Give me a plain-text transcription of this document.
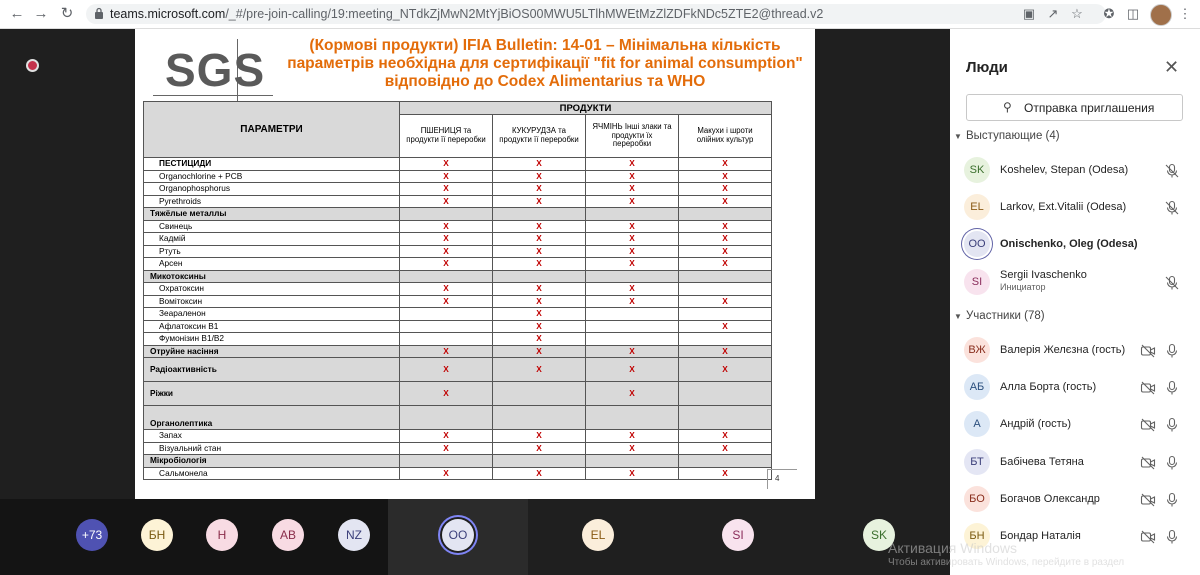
← → ↻	teams.microsoft.com/_#/pre-join-calling/19:meeting_NTdkZjMwN2MtYjBiOS00MWU5LTlhMWEtMzZlZDFkNDc5ZTE2@thread.v2	▣ ↗ ☆ ✪ ◫	⋮
SGS	(Кормові продукти) IFIA Bulletin: 14-01 – Мінімальна кількість
параметрів необхідна для сертифікації "fit for animal consumption"
відповідно до Codex Alimentarius та WHO
ПАРАМЕТРИ	ПРОДУКТИ			
	ПШЕНИЦЯ та продукти її переробки	КУКУРУДЗА та продукти її переробки	ЯЧМІНЬ Інші злаки та продукти їх переробки	Макухи і шроти олійних культур
ПЕСТИЦИДИ	X	X	X	X
Organochlorine + PCB	X	X	X	X
Organophosphorus	X	X	X	X
Pyrethroids	X	X	X	X
Тяжёлые металлы				
Свинець	X	X	X	X
Кадмій	X	X	X	X
Ртуть	X	X	X	X
Арсен	X	X	X	X
Микотоксины				
Охратоксин	X	X	X	
Вомітоксин	X	X	X	X
Зеараленон		X		
Афлатоксин В1		X		X
Фумонізин В1/В2		X		
Отруйне насіння	X	X	X	X
Радіоактивність	X	X	X	X
Ріжки	X		X	
Органолептика				
Запах	X	X	X	X
Візуальний стан	X	X	X	X
Мікробіологія				
Сальмонела	X	X	X	X
4
Люди	✕
⚲ Отправка приглашения
▼ Выступающие (4)
SK	Koshelev, Stepan (Odesa)
EL	Larkov, Ext.Vitalii (Odesa)
OO	Onischenko, Oleg (Odesa)
SI
Sergii Ivaschenko
Инициатор
▼ Участники (78)
ВЖ	Валерія Желєзна (гость)
АБ	Алла Борта (гость)
А	Андрій (гость)
БТ	Бабічева Тетяна
БО	Богачов Олександр
БН	Бондар Наталія
+73	БН	Н	АВ	NZ	OO	EL	SI	SK
Активация Windows
Чтобы активировать Windows, перейдите в раздел
